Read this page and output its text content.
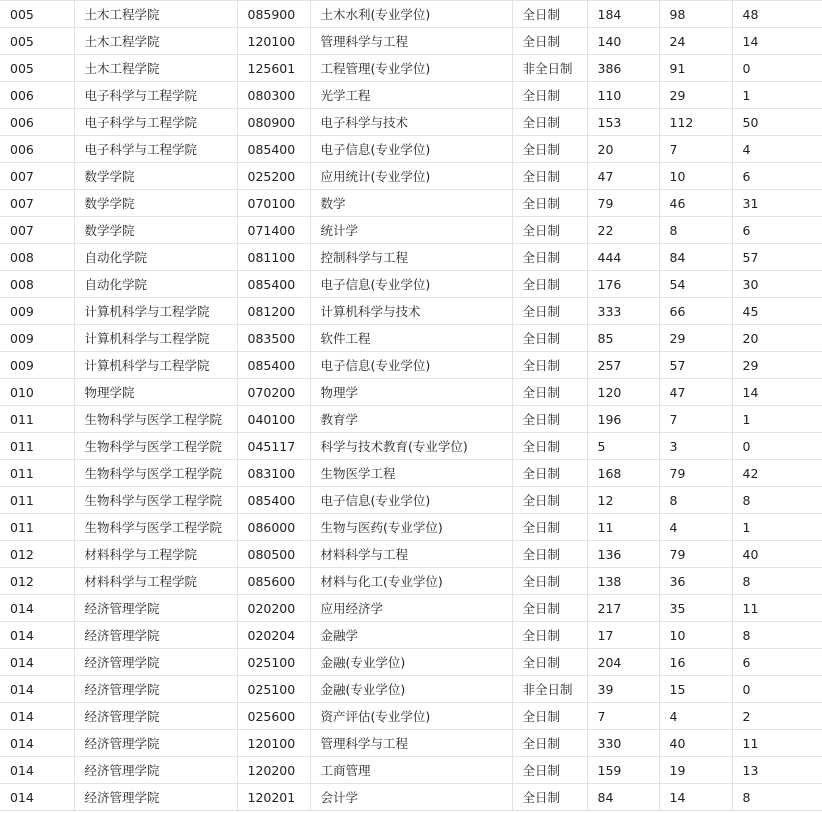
005	土木工程学院	085900	土木水利(专业学位)	全日制	184	98	48
005	土木工程学院	120100	管理科学与工程	全日制	140	24	14
005	土木工程学院	125601	工程管理(专业学位)	非全日制	386	91	0
006	电子科学与工程学院	080300	光学工程	全日制	110	29	1
006	电子科学与工程学院	080900	电子科学与技术	全日制	153	112	50
006	电子科学与工程学院	085400	电子信息(专业学位)	全日制	20	7	4
007	数学学院	025200	应用统计(专业学位)	全日制	47	10	6
007	数学学院	070100	数学	全日制	79	46	31
007	数学学院	071400	统计学	全日制	22	8	6
008	自动化学院	081100	控制科学与工程	全日制	444	84	57
008	自动化学院	085400	电子信息(专业学位)	全日制	176	54	30
009	计算机科学与工程学院	081200	计算机科学与技术	全日制	333	66	45
009	计算机科学与工程学院	083500	软件工程	全日制	85	29	20
009	计算机科学与工程学院	085400	电子信息(专业学位)	全日制	257	57	29
010	物理学院	070200	物理学	全日制	120	47	14
011	生物科学与医学工程学院	040100	教育学	全日制	196	7	1
011	生物科学与医学工程学院	045117	科学与技术教育(专业学位)	全日制	5	3	0
011	生物科学与医学工程学院	083100	生物医学工程	全日制	168	79	42
011	生物科学与医学工程学院	085400	电子信息(专业学位)	全日制	12	8	8
011	生物科学与医学工程学院	086000	生物与医药(专业学位)	全日制	11	4	1
012	材料科学与工程学院	080500	材料科学与工程	全日制	136	79	40
012	材料科学与工程学院	085600	材料与化工(专业学位)	全日制	138	36	8
014	经济管理学院	020200	应用经济学	全日制	217	35	11
014	经济管理学院	020204	金融学	全日制	17	10	8
014	经济管理学院	025100	金融(专业学位)	全日制	204	16	6
014	经济管理学院	025100	金融(专业学位)	非全日制	39	15	0
014	经济管理学院	025600	资产评估(专业学位)	全日制	7	4	2
014	经济管理学院	120100	管理科学与工程	全日制	330	40	11
014	经济管理学院	120200	工商管理	全日制	159	19	13
014	经济管理学院	120201	会计学	全日制	84	14	8
